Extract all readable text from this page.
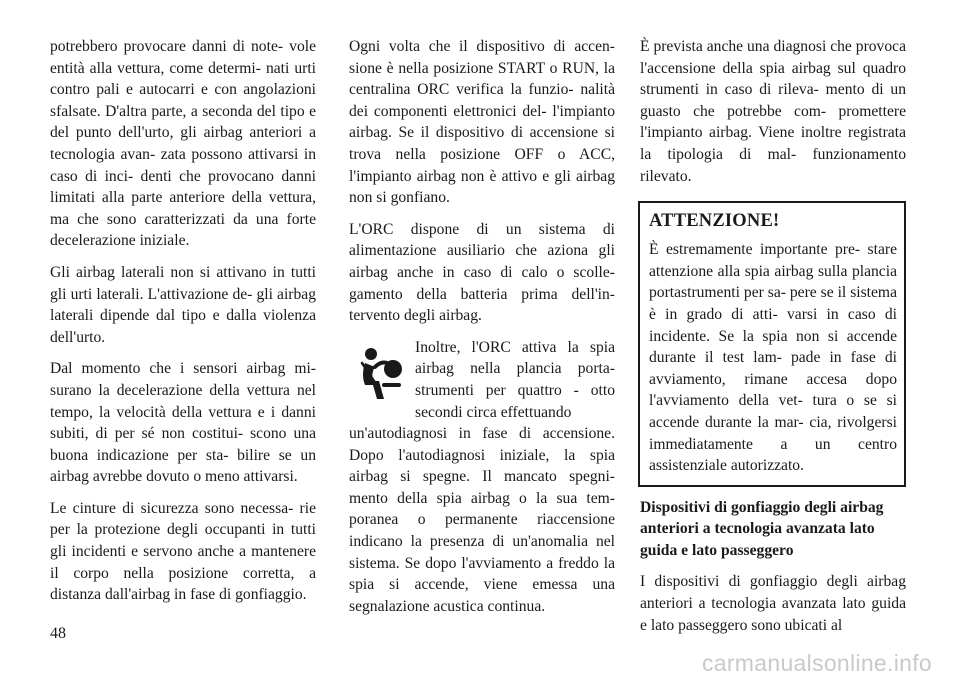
potrebbero provocare danni di note- vole entità alla vettura, come determi- nati urti contro pali e autocarri e con angolazioni sfalsate. D'altra parte, a seconda del tipo e del punto dell'urto, gli airbag anteriori a tecnologia avan- zata possono attivarsi in caso di inci- denti che provocano danni limitati alla parte anteriore della vettura, ma che sono caratterizzati da una forte decelerazione iniziale.

Gli airbag laterali non si attivano in tutti gli urti laterali. L'attivazione de- gli airbag laterali dipende dal tipo e dalla violenza dell'urto.

Dal momento che i sensori airbag mi- surano la decelerazione della vettura nel tempo, la velocità della vettura e i danni subiti, di per sé non costitui- scono una buona indicazione per sta- bilire se un airbag avrebbe dovuto o meno attivarsi.

Le cinture di sicurezza sono necessa- rie per la protezione degli occupanti in tutti gli incidenti e servono anche a mantenere il corpo nella posizione corretta, a distanza dall'airbag in fase di gonfiaggio.

Ogni volta che il dispositivo di accen- sione è nella posizione START o RUN, la centralina ORC verifica la funzio- nalità dei componenti elettronici del- l'impianto airbag. Se il dispositivo di accensione si trova nella posizione OFF o ACC, l'impianto airbag non è attivo e gli airbag non si gonfiano.

L'ORC dispone di un sistema di alimentazione ausiliario che aziona gli airbag anche in caso di calo o scolle- gamento della batteria prima dell'in- tervento degli airbag.

Inoltre, l'ORC attiva la spia airbag nella plancia porta- strumenti per quattro - otto secondi circa effettuando

un'autodiagnosi in fase di accensione. Dopo l'autodiagnosi iniziale, la spia airbag si spegne. Il mancato spegni- mento della spia airbag o la sua tem- poranea o permanente riaccensione indicano la presenza di un'anomalia nel sistema. Se dopo l'avviamento a freddo la spia si accende, viene emessa una segnalazione acustica continua.

È prevista anche una diagnosi che provoca l'accensione della spia airbag sul quadro strumenti in caso di rileva- mento di un guasto che potrebbe com- promettere l'impianto airbag. Viene inoltre registrata la tipologia di mal- funzionamento rilevato.

ATTENZIONE!

È estremamente importante pre- stare attenzione alla spia airbag sulla plancia portastrumenti per sa- pere se il sistema è in grado di atti- varsi in caso di incidente. Se la spia non si accende durante il test lam- pade in fase di avviamento, rimane accesa dopo l'avviamento della vet- tura o se si accende durante la mar- cia, rivolgersi immediatamente a un centro assistenziale autorizzato.

Dispositivi di gonfiaggio degli airbag anteriori a tecnologia avanzata lato guida e lato passeggero

I dispositivi di gonfiaggio degli airbag anteriori a tecnologia avanzata lato guida e lato passeggero sono ubicati al

48
carmanualsonline.info
